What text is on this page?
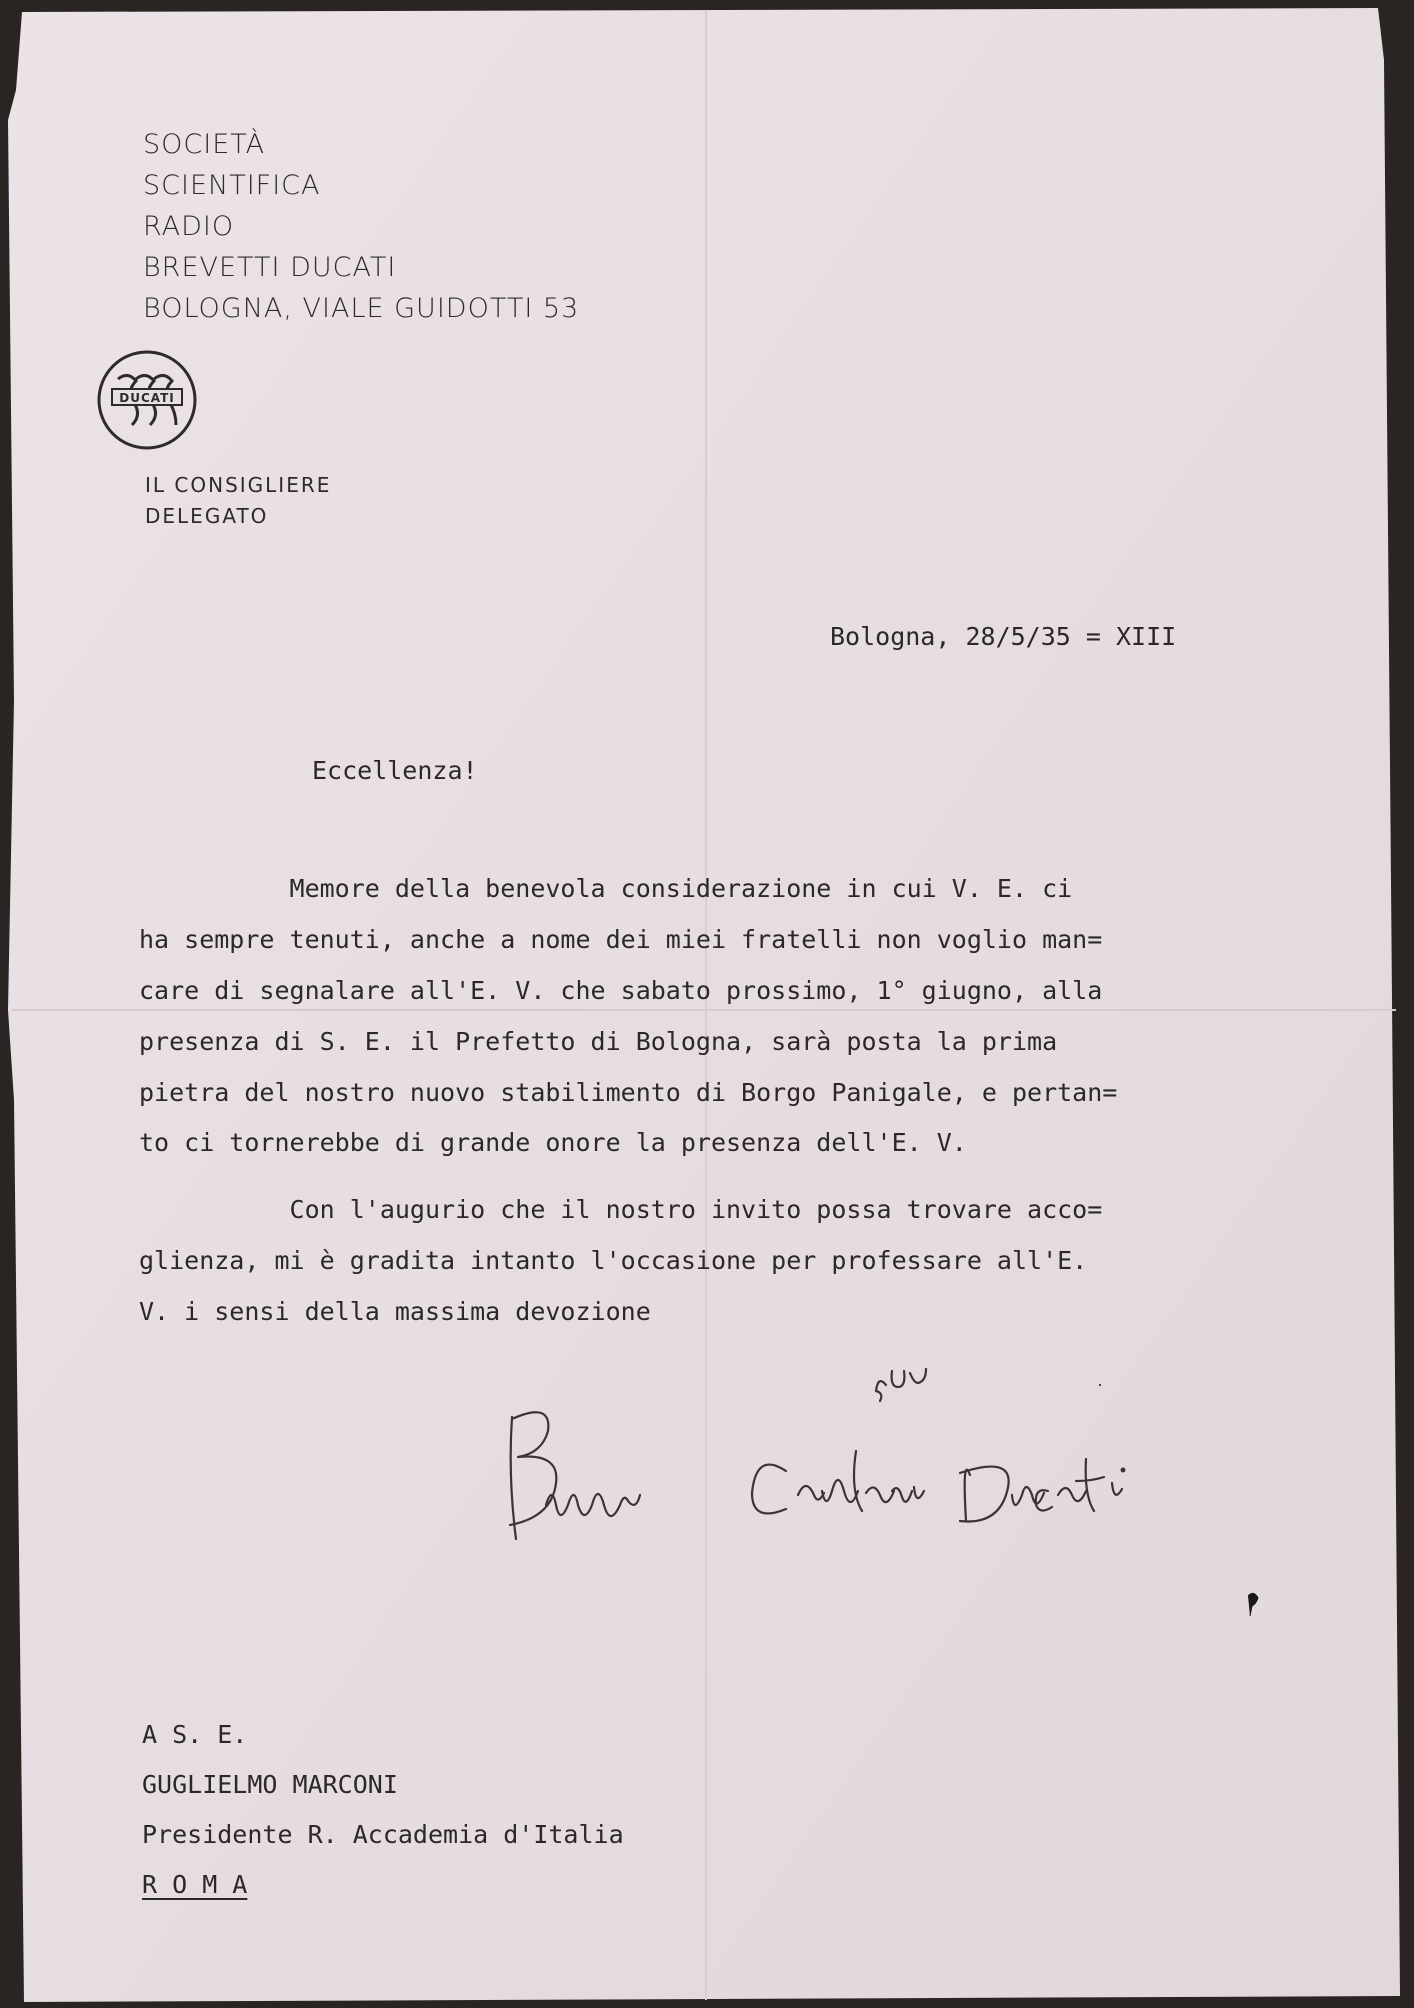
SOCIETÀ
SCIENTIFICA
RADIO
BREVETTI DUCATI
BOLOGNA, VIALE GUIDOTTI 53
DUCATI
IL CONSIGLIERE
DELEGATO
Bologna, 28/5/35 = XIII
Eccellenza!
Memore della benevola considerazione in cui V. E. ci
ha sempre tenuti, anche a nome dei miei fratelli non voglio man=
care di segnalare all'E. V. che sabato prossimo, 1° giugno, alla
presenza di S. E. il Prefetto di Bologna, sarà posta la prima
pietra del nostro nuovo stabilimento di Borgo Panigale, e pertan=
to ci tornerebbe di grande onore la presenza dell'E. V.
Con l'augurio che il nostro invito possa trovare acco=
glienza, mi è gradita intanto l'occasione per professare all'E.
V. i sensi della massima devozione
A S. E.
GUGLIELMO MARCONI
Presidente R. Accademia d'Italia
R O M A
